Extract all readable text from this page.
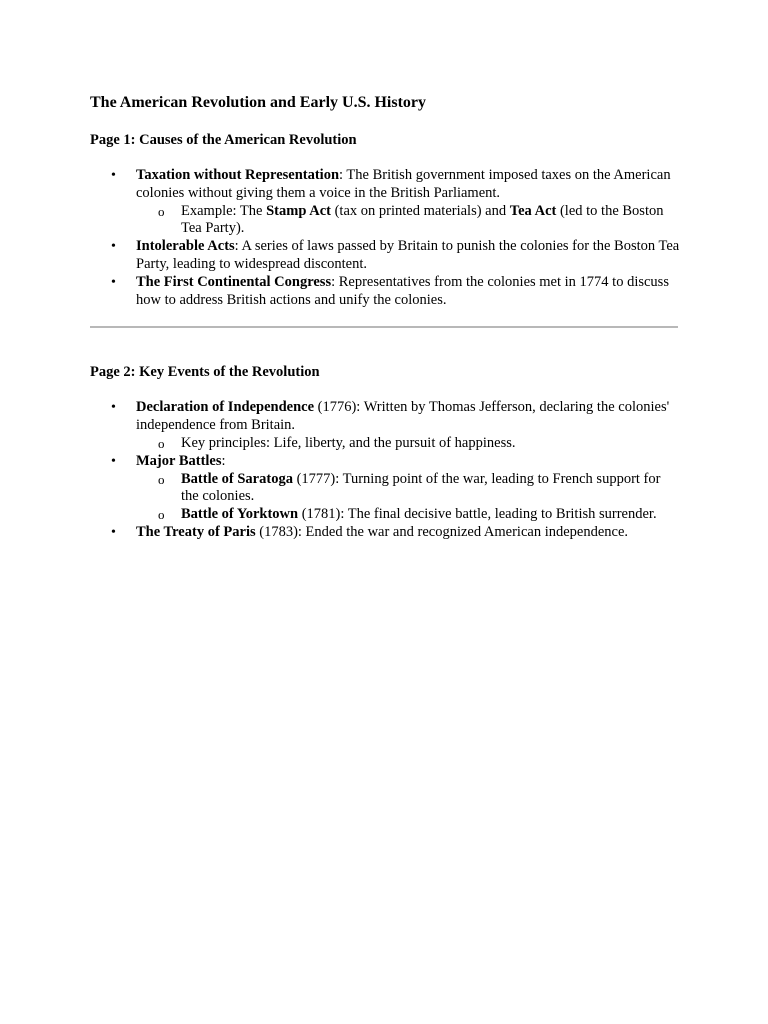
The American Revolution and Early U.S. History
Page 1: Causes of the American Revolution
• Taxation without Representation: The British government imposed taxes on the American colonies without giving them a voice in the British Parliament.
o Example: The Stamp Act (tax on printed materials) and Tea Act (led to the Boston Tea Party).
• Intolerable Acts: A series of laws passed by Britain to punish the colonies for the Boston Tea Party, leading to widespread discontent.
• The First Continental Congress: Representatives from the colonies met in 1774 to discuss how to address British actions and unify the colonies.
Page 2: Key Events of the Revolution
• Declaration of Independence (1776): Written by Thomas Jefferson, declaring the colonies' independence from Britain.
o Key principles: Life, liberty, and the pursuit of happiness.
• Major Battles:
o Battle of Saratoga (1777): Turning point of the war, leading to French support for the colonies.
o Battle of Yorktown (1781): The final decisive battle, leading to British surrender.
• The Treaty of Paris (1783): Ended the war and recognized American independence.
